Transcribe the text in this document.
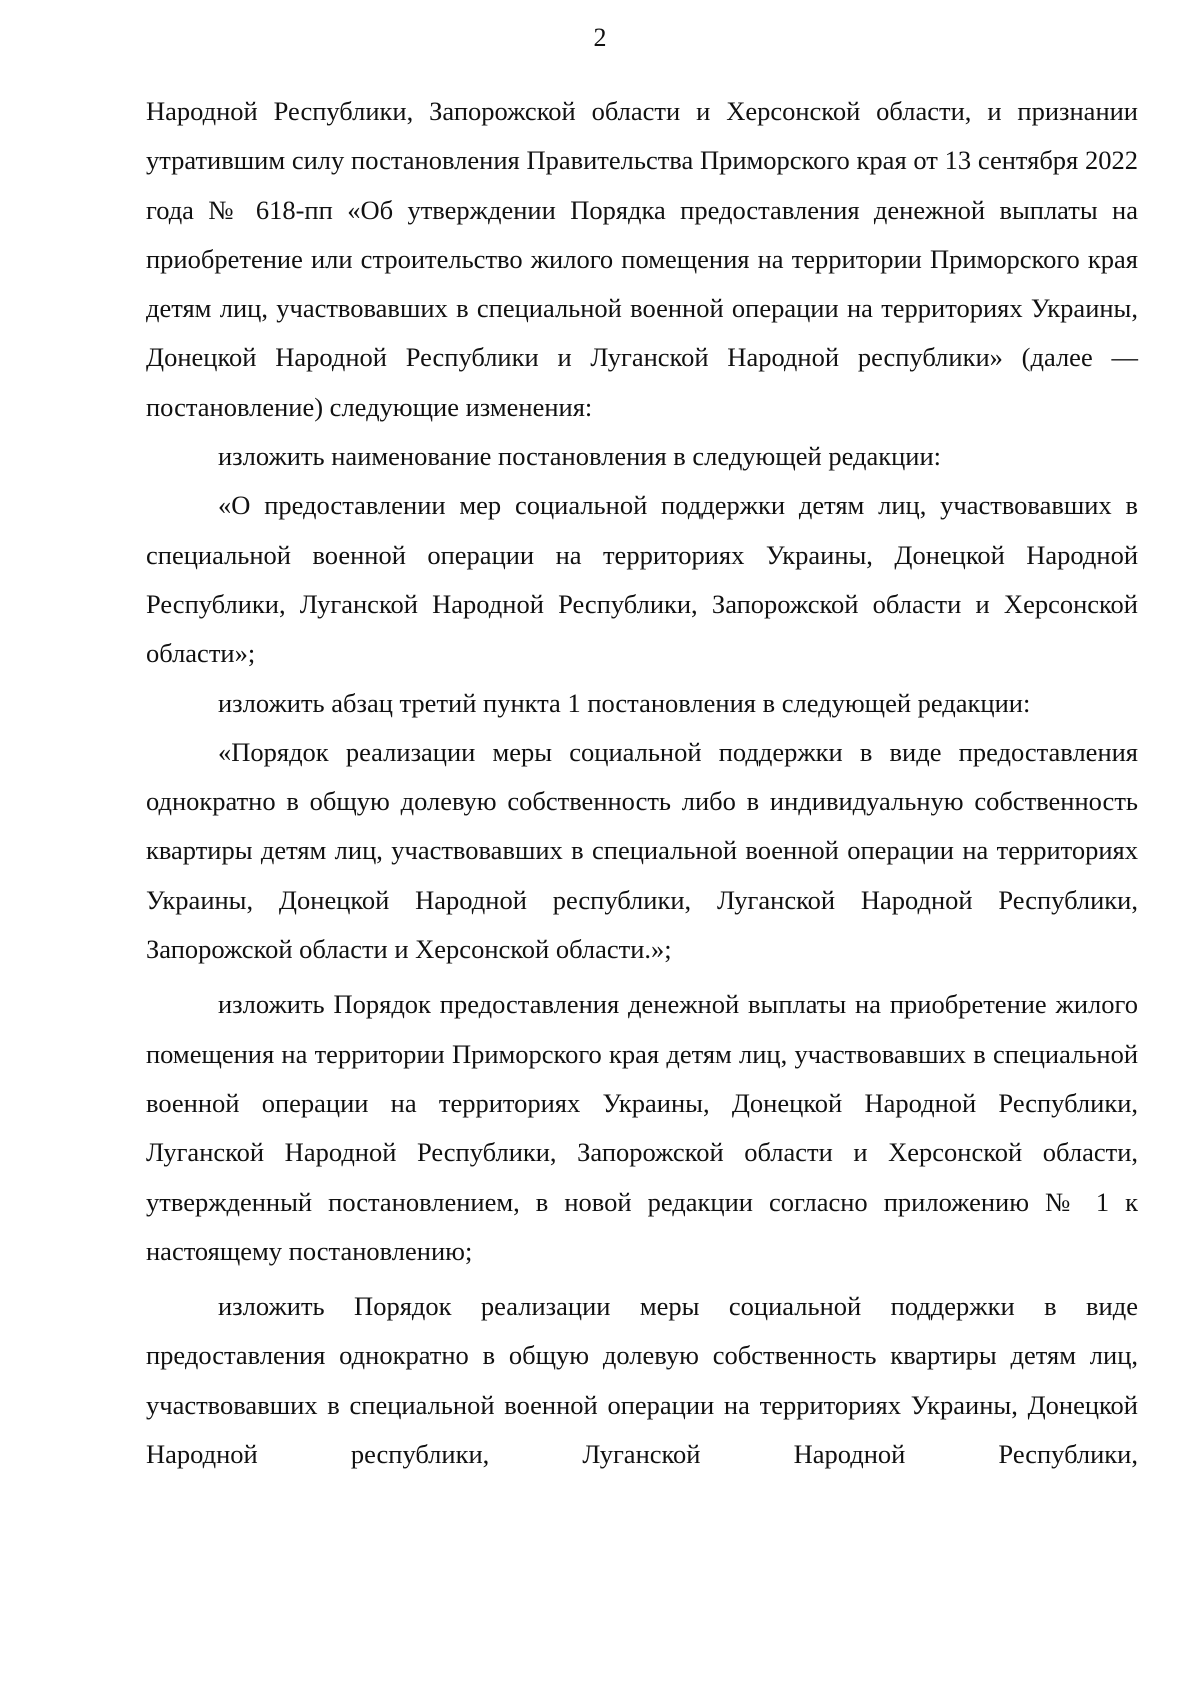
2

Народной Республики, Запорожской области и Херсонской области, и признании утратившим силу постановления Правительства Приморского края от 13 сентября 2022 года № 618-пп «Об утверждении Порядка предоставления денежной выплаты на приобретение или строительство жилого помещения на территории Приморского края детям лиц, участвовавших в специальной военной операции на территориях Украины, Донецкой Народной Республики и Луганской Народной республики» (далее — постановление) следующие изменения:

изложить наименование постановления в следующей редакции:

«О предоставлении мер социальной поддержки детям лиц, участвовавших в специальной военной операции на территориях Украины, Донецкой Народной Республики, Луганской Народной Республики, Запорожской области и Херсонской области»;

изложить абзац третий пункта 1 постановления в следующей редакции:

«Порядок реализации меры социальной поддержки в виде предоставления однократно в общую долевую собственность либо в индивидуальную собственность квартиры детям лиц, участвовавших в специальной военной операции на территориях Украины, Донецкой Народной республики, Луганской Народной Республики, Запорожской области и Херсонской области.»;

изложить Порядок предоставления денежной выплаты на приобретение жилого помещения на территории Приморского края детям лиц, участвовавших в специальной военной операции на территориях Украины, Донецкой Народной Республики, Луганской Народной Республики, Запорожской области и Херсонской области, утвержденный постановлением, в новой редакции согласно приложению № 1 к настоящему постановлению;

изложить Порядок реализации меры социальной поддержки в виде предоставления однократно в общую долевую собственность квартиры детям лиц, участвовавших в специальной военной операции на территориях Украины, Донецкой Народной республики, Луганской Народной Республики,
